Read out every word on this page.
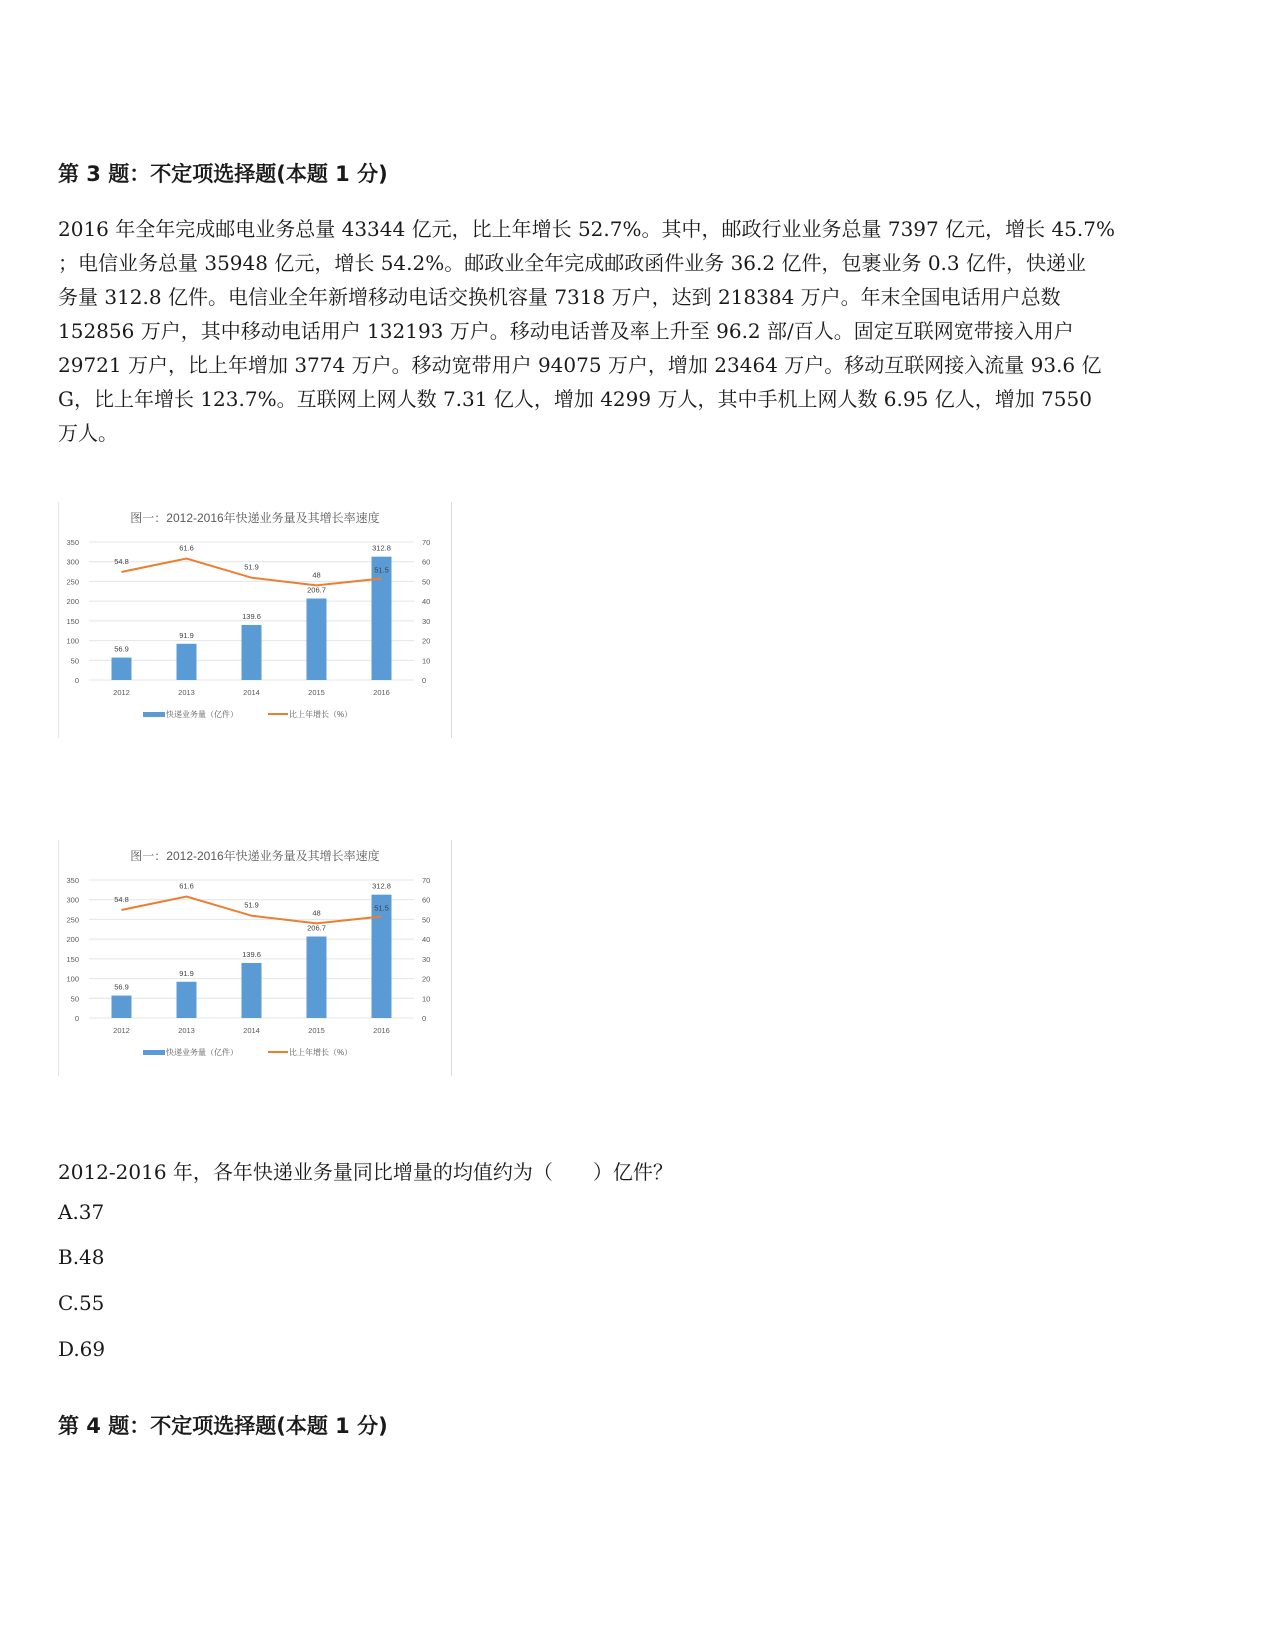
第 3 题：不定项选择题(本题 1 分)
2016 年全年完成邮电业务总量 43344 亿元，比上年增长 52.7%。其中，邮政行业业务总量 7397 亿元，增长 45.7%
；电信业务总量 35948 亿元，增长 54.2%。邮政业全年完成邮政函件业务 36.2 亿件，包裹业务 0.3 亿件，快递业
务量 312.8 亿件。电信业全年新增移动电话交换机容量 7318 万户，达到 218384 万户。年末全国电话用户总数
152856 万户，其中移动电话用户 132193 万户。移动电话普及率上升至 96.2 部/百人。固定互联网宽带接入用户
29721 万户，比上年增加 3774 万户。移动宽带用户 94075 万户，增加 23464 万户。移动互联网接入流量 93.6 亿
G，比上年增长 123.7%。互联网上网人数 7.31 亿人，增加 4299 万人，其中手机上网人数 6.95 亿人，增加 7550
万人。
图一：2012-2016年快递业务量及其增长率速度
0
50
100
150
200
250
300
350
0
10
20
30
40
50
60
70
56.9
91.9
139.6
206.7
312.8
54.8
61.6
51.9
48
51.5
2012	2013	2014	2015	2016
快递业务量（亿件）	比上年增长（%）
图一：2012-2016年快递业务量及其增长率速度
0
50
100
150
200
250
300
350
0
10
20
30
40
50
60
70
56.9
91.9
139.6
206.7
312.8
54.8
61.6
51.9
48
51.5
2012	2013	2014	2015	2016
快递业务量（亿件）	比上年增长（%）
2012-2016 年，各年快递业务量同比增量的均值约为（　　）亿件？
A.37
B.48
C.55
D.69
第 4 题：不定项选择题(本题 1 分)
